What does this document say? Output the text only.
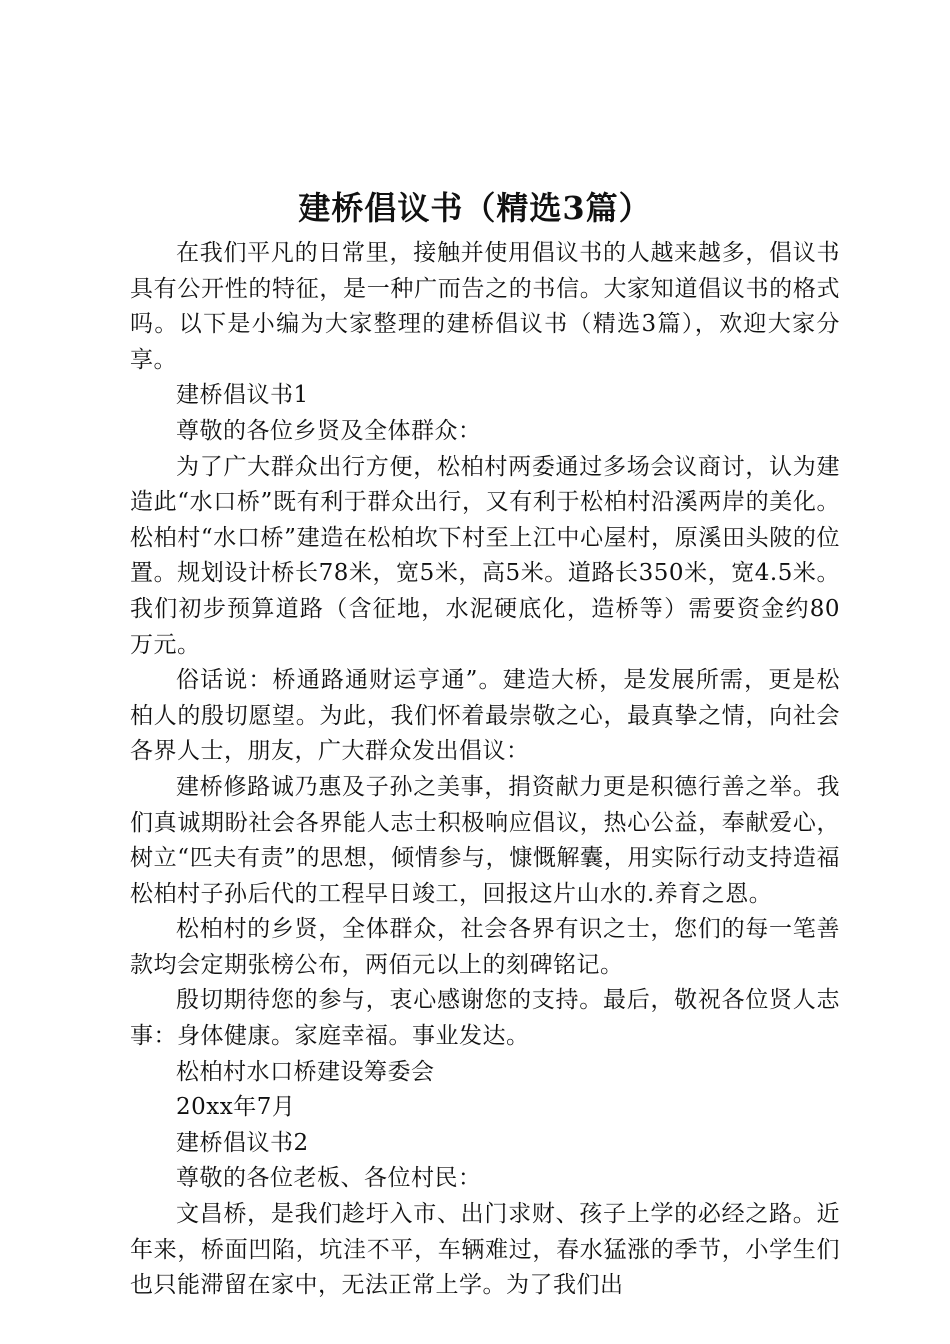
建桥倡议书（精选3篇）

在我们平凡的日常里，接触并使用倡议书的人越来越多，倡议书具有公开性的特征，是一种广而告之的书信。大家知道倡议书的格式吗。以下是小编为大家整理的建桥倡议书（精选3篇），欢迎大家分享。

建桥倡议书1

尊敬的各位乡贤及全体群众：

为了广大群众出行方便，松柏村两委通过多场会议商讨，认为建造此“水口桥”既有利于群众出行，又有利于松柏村沿溪两岸的美化。松柏村“水口桥”建造在松柏坎下村至上江中心屋村，原溪田头陂的位置。规划设计桥长78米，宽5米，高5米。道路长350米，宽4.5米。我们初步预算道路（含征地，水泥硬底化，造桥等）需要资金约80万元。

俗话说：桥通路通财运亨通”。建造大桥，是发展所需，更是松柏人的殷切愿望。为此，我们怀着最崇敬之心，最真挚之情，向社会各界人士，朋友，广大群众发出倡议：

建桥修路诚乃惠及子孙之美事，捐资献力更是积德行善之举。我们真诚期盼社会各界能人志士积极响应倡议，热心公益，奉献爱心，树立“匹夫有责”的思想，倾情参与，慷慨解囊，用实际行动支持造福松柏村子孙后代的工程早日竣工，回报这片山水的.养育之恩。

松柏村的乡贤，全体群众，社会各界有识之士，您们的每一笔善款均会定期张榜公布，两佰元以上的刻碑铭记。

殷切期待您的参与，衷心感谢您的支持。最后，敬祝各位贤人志事：身体健康。家庭幸福。事业发达。

松柏村水口桥建设筹委会

20xx年7月

建桥倡议书2

尊敬的各位老板、各位村民：

文昌桥，是我们趁圩入市、出门求财、孩子上学的必经之路。近年来，桥面凹陷，坑洼不平，车辆难过，春水猛涨的季节，小学生们也只能滞留在家中，无法正常上学。为了我们出
